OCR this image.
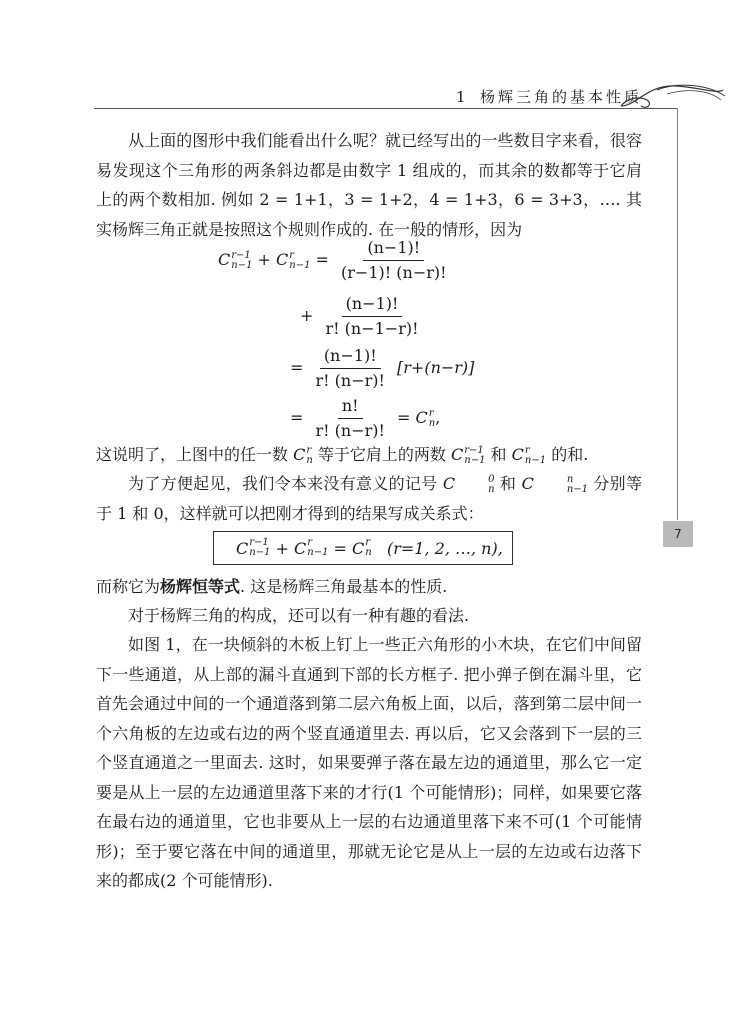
1 杨辉三角的基本性质
7

从上面的图形中我们能看出什么呢？就已经写出的一些数目字来看，很容易发现这个三角形的两条斜边都是由数字 1 组成的，而其余的数都等于它肩上的两个数相加. 例如 2 = 1+1，3 = 1+2，4 = 1+3，6 = 3+3，…. 其实杨辉三角正就是按照这个规则作成的. 在一般的情形，因为

C r−1
n−1 + C r
$n-1 = \frac{(n-1)!}{(r-1)! (n-r)!}$
+ $\frac{(n-1)!}{r! (n-1-r)!}$
= $\frac{(n-1)!}{r! (n-r)!} [r+(n-r)]$
= $\frac{n!}{r! (n-r)!} = C$ r
n ,

这说明了，上图中的任一数 C r
n 等于它肩上的两数 C r−1
n−1 和 C r
n−1 的和.

为了方便起见，我们令本来没有意义的记号 C	0
n 和 C	n
n−1 分别等于 1 和 0，这样就可以把刚才得到的结果写成关系式：

C r−1
n−1 + C r
n−1 = C r
n
(r=1, 2, …, n),

而称它为杨辉恒等式. 这是杨辉三角最基本的性质.

对于杨辉三角的构成，还可以有一种有趣的看法.

如图 1，在一块倾斜的木板上钉上一些正六角形的小木块，在它们中间留下一些通道，从上部的漏斗直通到下部的长方框子. 把小弹子倒在漏斗里，它首先会通过中间的一个通道落到第二层六角板上面，以后，落到第二层中间一个六角板的左边或右边的两个竖直通道里去. 再以后，它又会落到下一层的三个竖直通道之一里面去. 这时，如果要弹子落在最左边的通道里，那么它一定要是从上一层的左边通道里落下来的才行(1 个可能情形)；同样，如果要它落在最右边的通道里，它也非要从上一层的右边通道里落下来不可(1 个可能情形)；至于要它落在中间的通道里，那就无论它是从上一层的左边或右边落下来的都成(2 个可能情形).
